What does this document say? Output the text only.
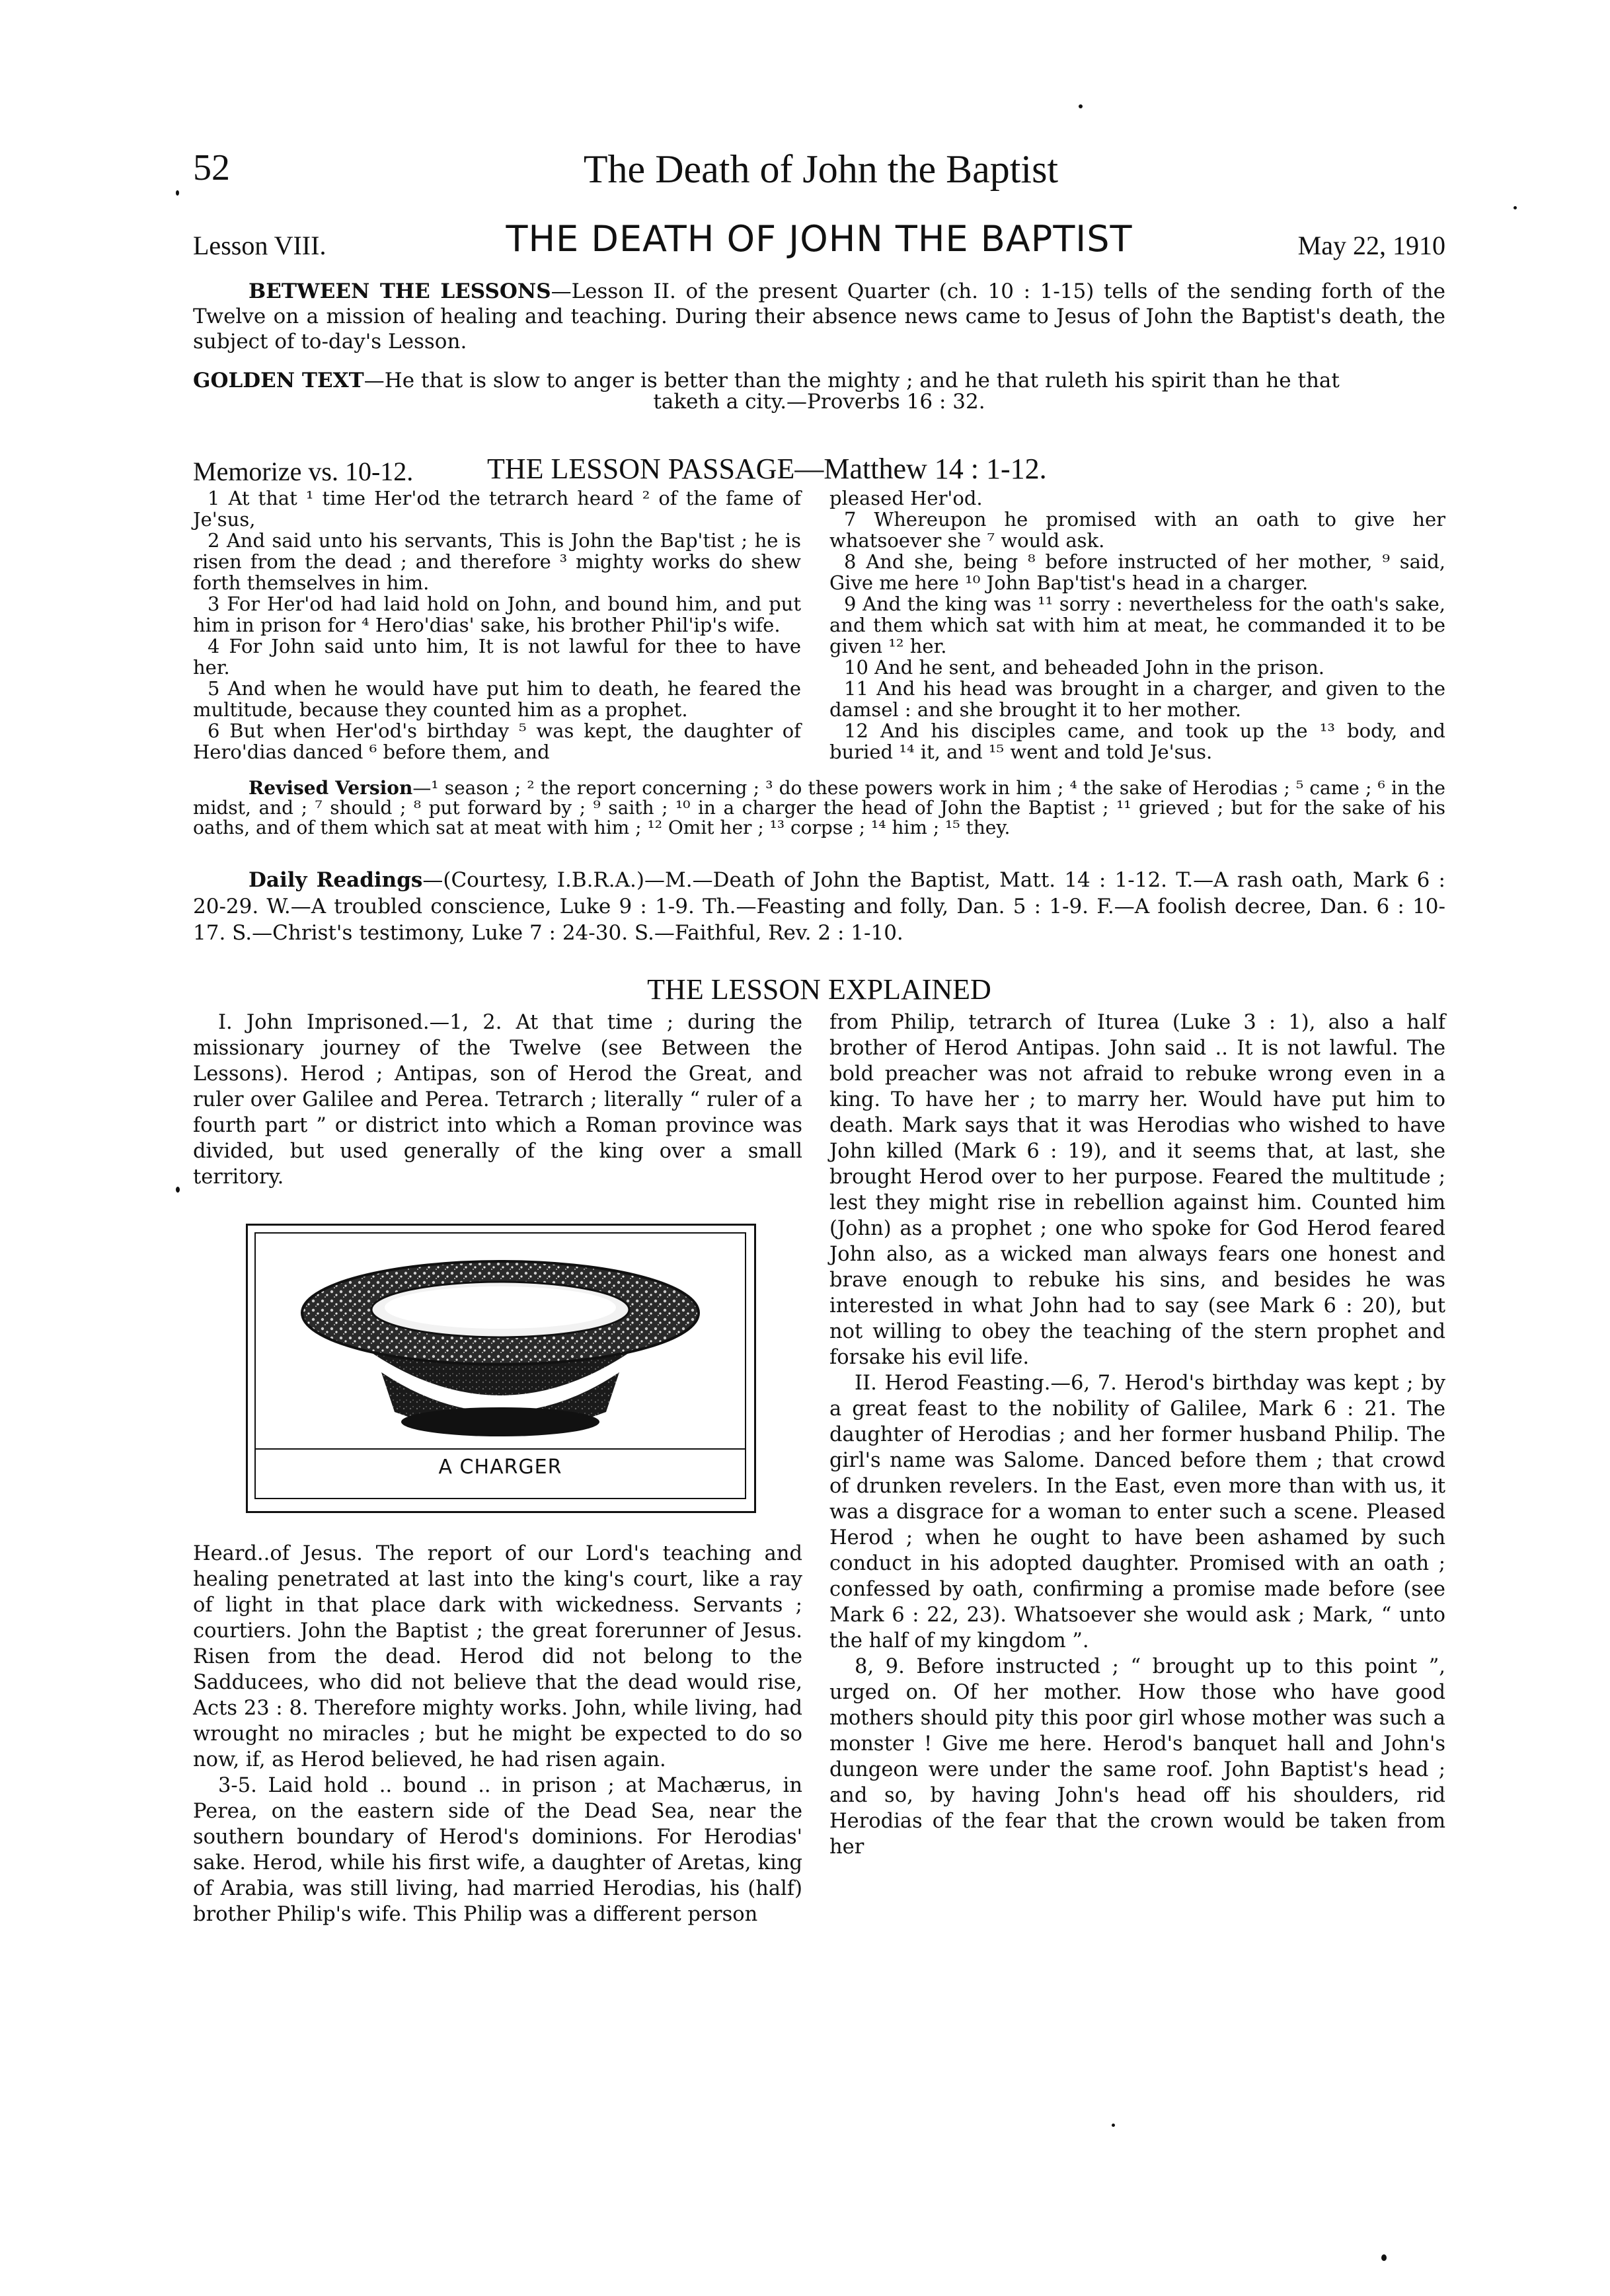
52	The Death of John the Baptist
Lesson VIII.	THE DEATH OF JOHN THE BAPTIST	May 22, 1910
BETWEEN THE LESSONS—Lesson II. of the present Quarter (ch. 10 : 1-15) tells of the sending forth of the Twelve on a mission of healing and teaching. During their absence news came to Jesus of John the Baptist's death, the subject of to-day's Lesson.
GOLDEN TEXT—He that is slow to anger is better than the mighty ; and he that ruleth his spirit than he that
taketh a city.—Proverbs 16 : 32.
Memorize vs. 10-12.	THE LESSON PASSAGE—Matthew 14 : 1-12.

1 At that ¹ time Her'od the tetrarch heard ² of the fame of Je'sus,

2 And said unto his servants, This is John the Bap'tist ; he is risen from the dead ; and therefore ³ mighty works do shew forth themselves in him.

3 For Her'od had laid hold on John, and bound him, and put him in prison for ⁴ Hero'dias' sake, his brother Phil'ip's wife.

4 For John said unto him, It is not lawful for thee to have her.

5 And when he would have put him to death, he feared the multitude, because they counted him as a prophet.

6 But when Her'od's birthday ⁵ was kept, the daughter of Hero'dias danced ⁶ before them, and

pleased Her'od.

7 Whereupon he promised with an oath to give her whatsoever she ⁷ would ask.

8 And she, being ⁸ before instructed of her mother, ⁹ said, Give me here ¹⁰ John Bap'tist's head in a charger.

9 And the king was ¹¹ sorry : nevertheless for the oath's sake, and them which sat with him at meat, he commanded it to be given ¹² her.

10 And he sent, and beheaded John in the prison.

11 And his head was brought in a charger, and given to the damsel : and she brought it to her mother.

12 And his disciples came, and took up the ¹³ body, and buried ¹⁴ it, and ¹⁵ went and told Je'sus.

Revised Version—¹ season ; ² the report concerning ; ³ do these powers work in him ; ⁴ the sake of Herodias ; ⁵ came ; ⁶ in the midst, and ; ⁷ should ; ⁸ put forward by ; ⁹ saith ; ¹⁰ in a charger the head of John the Baptist ; ¹¹ grieved ; but for the sake of his oaths, and of them which sat at meat with him ; ¹² Omit her ; ¹³ corpse ; ¹⁴ him ; ¹⁵ they.
Daily Readings—(Courtesy, I.B.R.A.)—M.—Death of John the Baptist, Matt. 14 : 1-12. T.—A rash oath, Mark 6 : 20-29. W.—A troubled conscience, Luke 9 : 1-9. Th.—Feasting and folly, Dan. 5 : 1-9. F.—A foolish decree, Dan. 6 : 10-17. S.—Christ's testimony, Luke 7 : 24-30. S.—Faithful, Rev. 2 : 1-10.
THE LESSON EXPLAINED

I. John Imprisoned.—1, 2. At that time ; during the missionary journey of the Twelve (see Between the Lessons). Herod ; Antipas, son of Herod the Great, and ruler over Galilee and Perea. Tetrarch ; literally “ ruler of a fourth part ” or district into which a Roman province was divided, but used generally of the king over a small territory.

A CHARGER

Heard..of Jesus. The report of our Lord's teaching and healing penetrated at last into the king's court, like a ray of light in that place dark with wickedness. Servants ; courtiers. John the Baptist ; the great forerunner of Jesus. Risen from the dead. Herod did not belong to the Sadducees, who did not believe that the dead would rise, Acts 23 : 8. Therefore mighty works. John, while living, had wrought no miracles ; but he might be expected to do so now, if, as Herod believed, he had risen again.

3-5. Laid hold .. bound .. in prison ; at Machærus, in Perea, on the eastern side of the Dead Sea, near the southern boundary of Herod's dominions. For Herodias' sake. Herod, while his first wife, a daughter of Aretas, king of Arabia, was still living, had married Herodias, his (half) brother Philip's wife. This Philip was a different person

from Philip, tetrarch of Iturea (Luke 3 : 1), also a half brother of Herod Antipas. John said .. It is not lawful. The bold preacher was not afraid to rebuke wrong even in a king. To have her ; to marry her. Would have put him to death. Mark says that it was Herodias who wished to have John killed (Mark 6 : 19), and it seems that, at last, she brought Herod over to her purpose. Feared the multitude ; lest they might rise in rebellion against him. Counted him (John) as a prophet ; one who spoke for God Herod feared John also, as a wicked man always fears one honest and brave enough to rebuke his sins, and besides he was interested in what John had to say (see Mark 6 : 20), but not willing to obey the teaching of the stern prophet and forsake his evil life.

II. Herod Feasting.—6, 7. Herod's birthday was kept ; by a great feast to the nobility of Galilee, Mark 6 : 21. The daughter of Herodias ; and her former husband Philip. The girl's name was Salome. Danced before them ; that crowd of drunken revelers. In the East, even more than with us, it was a disgrace for a woman to enter such a scene. Pleased Herod ; when he ought to have been ashamed by such conduct in his adopted daughter. Promised with an oath ; confessed by oath, confirming a promise made before (see Mark 6 : 22, 23). Whatsoever she would ask ; Mark, “ unto the half of my kingdom ”.

8, 9. Before instructed ; “ brought up to this point ”, urged on. Of her mother. How those who have good mothers should pity this poor girl whose mother was such a monster ! Give me here. Herod's banquet hall and John's dungeon were under the same roof. John Baptist's head ; and so, by having John's head off his shoulders, rid Herodias of the fear that the crown would be taken from her
